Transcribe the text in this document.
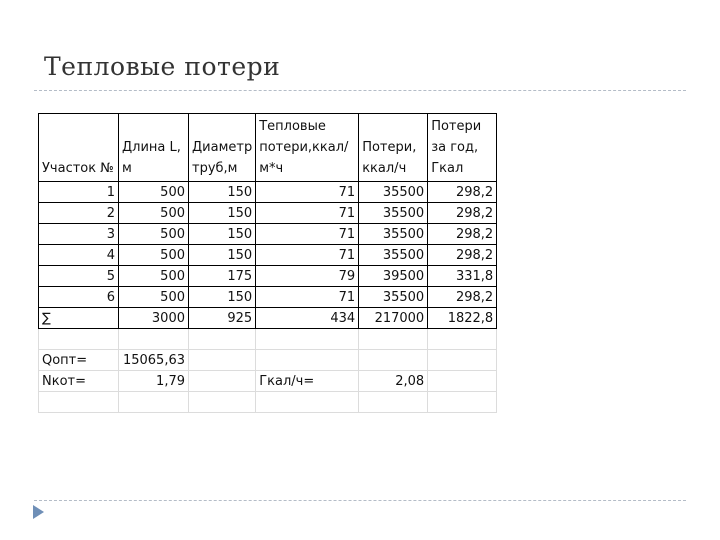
Тепловые потери
Участок №	Длина L, м	Диаметр труб,м	Тепловые потери,ккал/ м*ч	Потери, ккал/ч	Потери за год, Гкал
1	500	150	71	35500	298,2
2	500	150	71	35500	298,2
3	500	150	71	35500	298,2
4	500	150	71	35500	298,2
5	500	175	79	39500	331,8
6	500	150	71	35500	298,2
∑	3000	925	434	217000	1822,8

Qопт=	15065,63				
Nкот=	1,79		Гкал/ч=	2,08	
